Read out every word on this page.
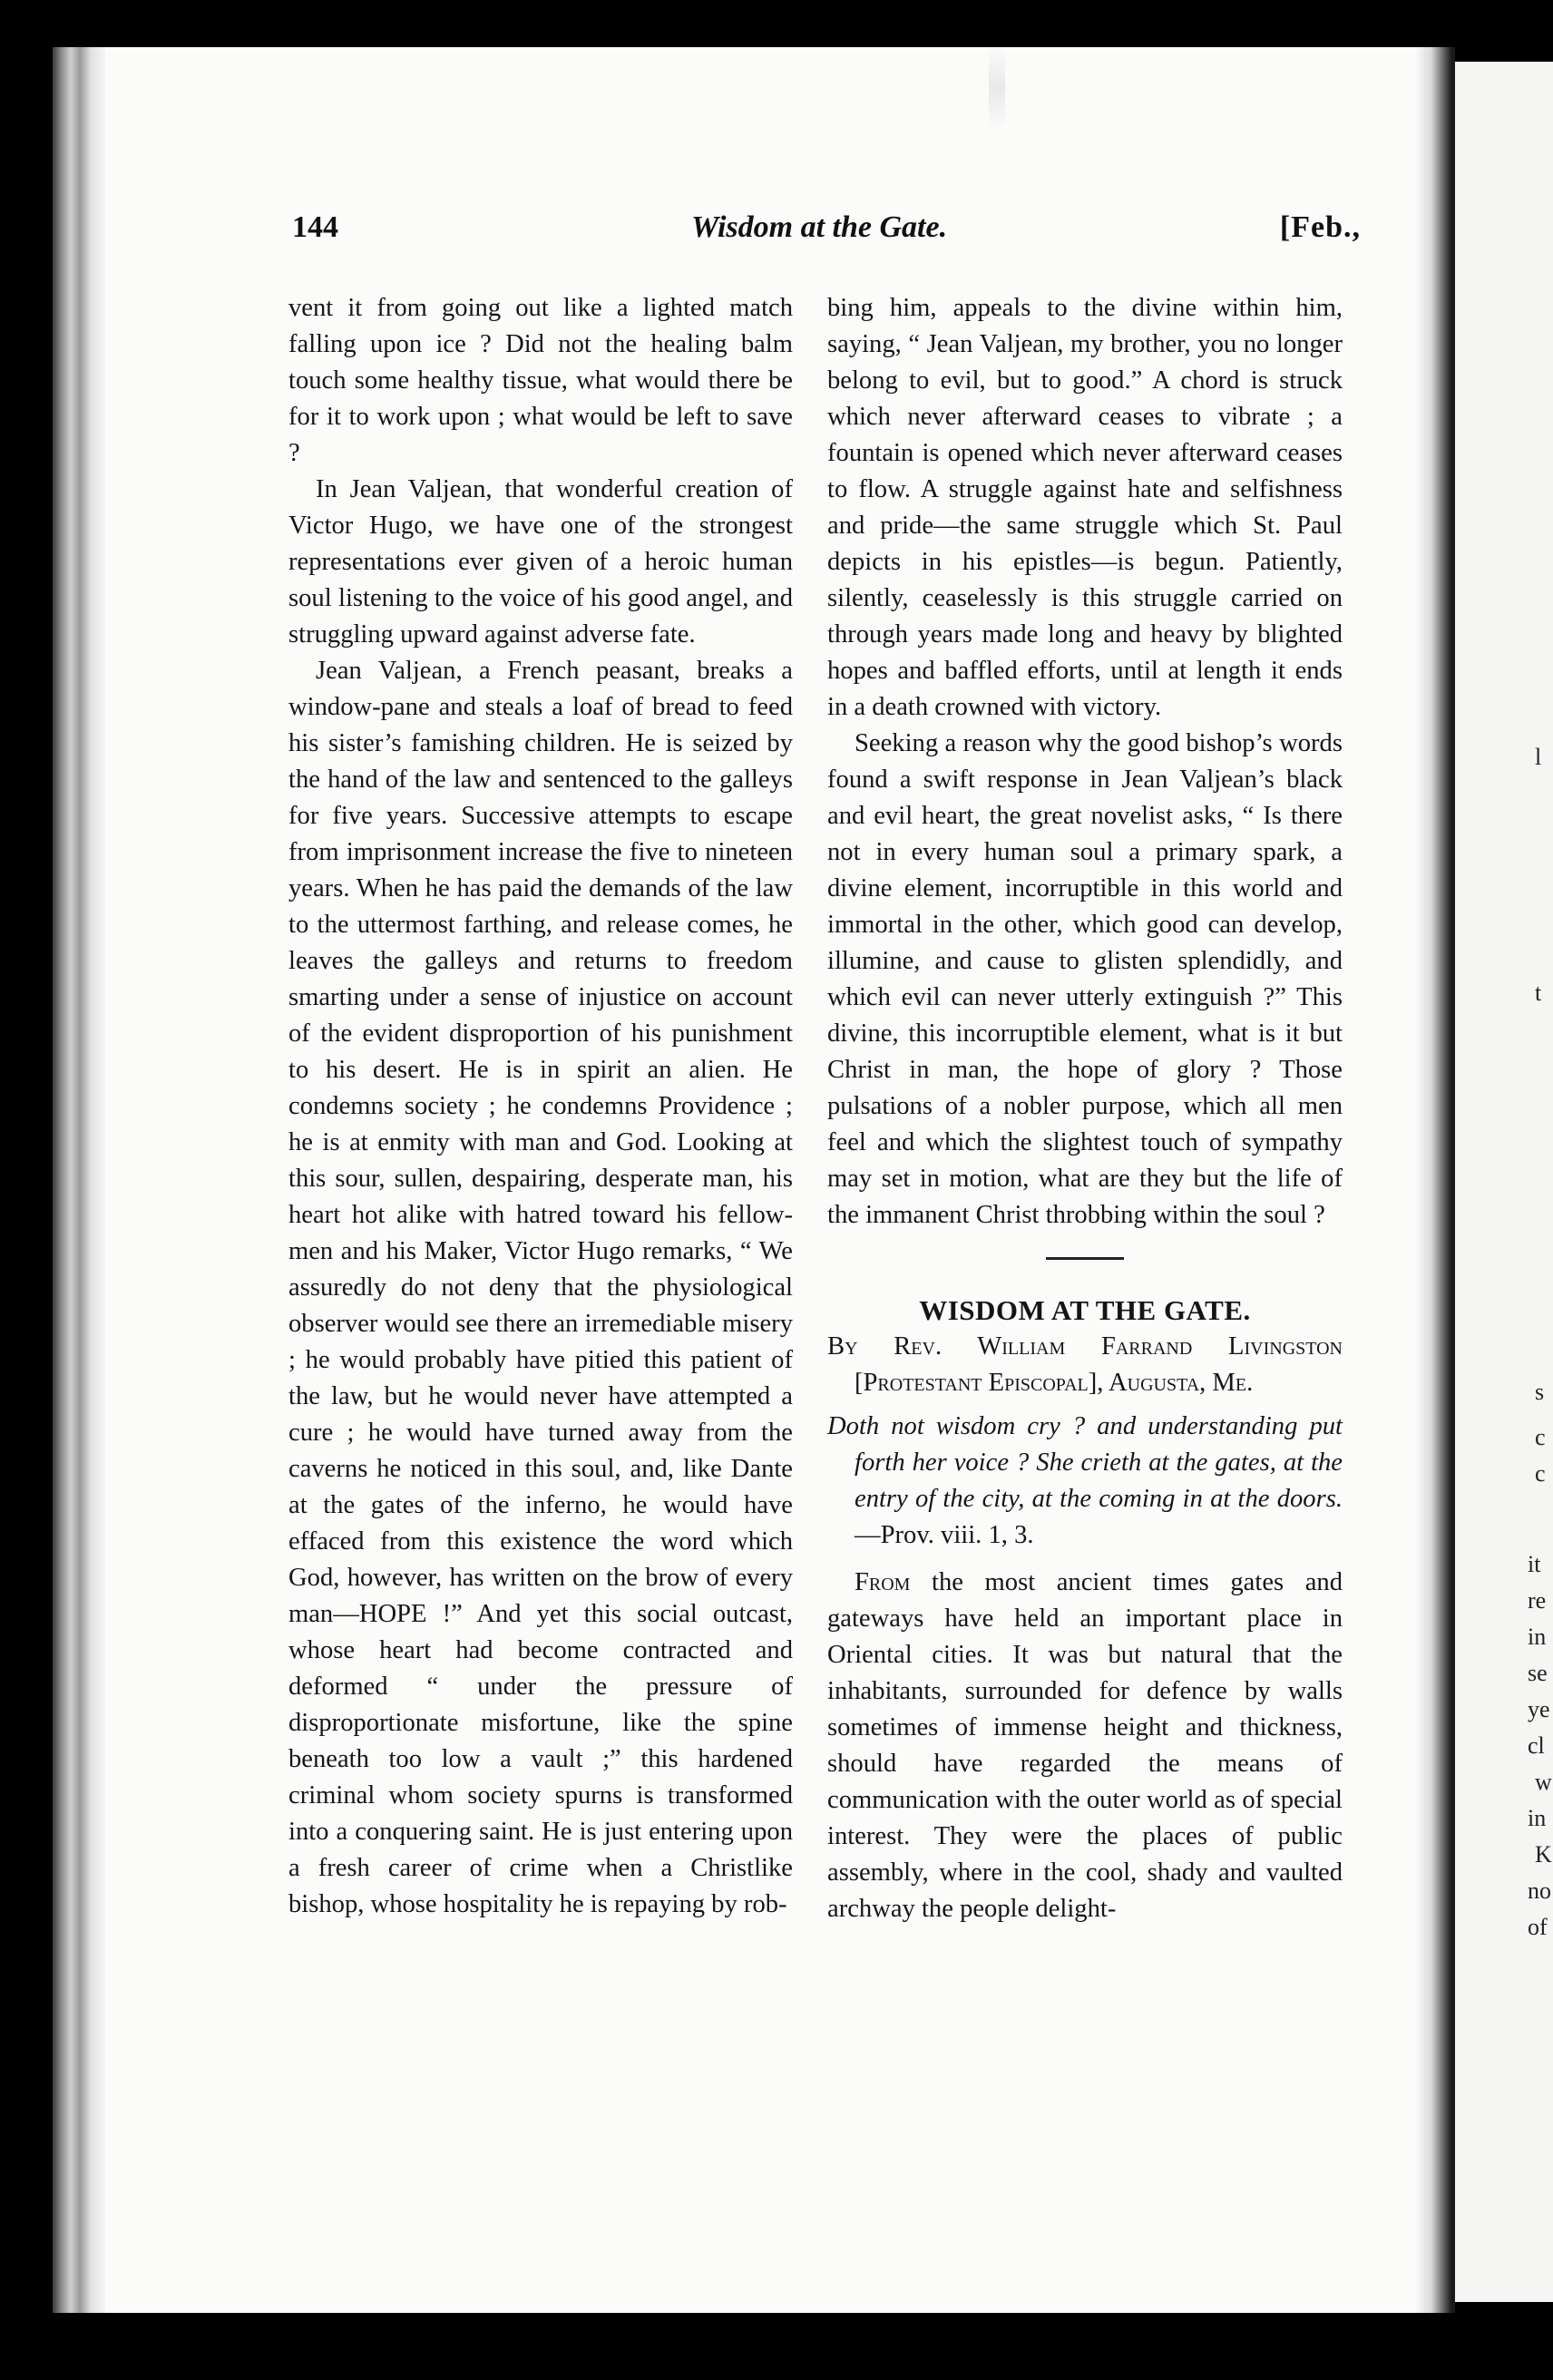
l
t
s
c
c
it
re
in
se
ye
cl
w
in
K
no
of
144	Wisdom at the Gate.	[Feb.,

vent it from going out like a lighted match falling upon ice ? Did not the healing balm touch some healthy tissue, what would there be for it to work upon ; what would be left to save ?

In Jean Valjean, that wonderful creation of Victor Hugo, we have one of the strongest representations ever given of a heroic human soul listening to the voice of his good angel, and struggling upward against adverse fate.

Jean Valjean, a French peasant, breaks a window-pane and steals a loaf of bread to feed his sister’s famishing children. He is seized by the hand of the law and sentenced to the galleys for five years. Successive attempts to escape from imprisonment increase the five to nineteen years. When he has paid the demands of the law to the uttermost farthing, and release comes, he leaves the galleys and returns to freedom smarting under a sense of injustice on account of the evident disproportion of his punishment to his desert. He is in spirit an alien. He condemns society ; he condemns Providence ; he is at enmity with man and God. Looking at this sour, sullen, despairing, desperate man, his heart hot alike with hatred toward his fellow-men and his Maker, Victor Hugo remarks, “ We assuredly do not deny that the physiological observer would see there an irremediable misery ; he would probably have pitied this patient of the law, but he would never have attempted a cure ; he would have turned away from the caverns he noticed in this soul, and, like Dante at the gates of the inferno, he would have effaced from this existence the word which God, however, has written on the brow of every man—HOPE !” And yet this social outcast, whose heart had become contracted and deformed “ under the pressure of disproportionate misfortune, like the spine beneath too low a vault ;” this hardened criminal whom society spurns is transformed into a conquering saint. He is just entering upon a fresh career of crime when a Christlike bishop, whose hospitality he is repaying by rob-

bing him, appeals to the divine within him, saying, “ Jean Valjean, my brother, you no longer belong to evil, but to good.” A chord is struck which never afterward ceases to vibrate ; a fountain is opened which never afterward ceases to flow. A struggle against hate and selfishness and pride—the same struggle which St. Paul depicts in his epistles—is begun. Patiently, silently, ceaselessly is this struggle carried on through years made long and heavy by blighted hopes and baffled efforts, until at length it ends in a death crowned with victory.

Seeking a reason why the good bishop’s words found a swift response in Jean Valjean’s black and evil heart, the great novelist asks, “ Is there not in every human soul a primary spark, a divine element, incorruptible in this world and immortal in the other, which good can develop, illumine, and cause to glisten splendidly, and which evil can never utterly extinguish ?” This divine, this incorruptible element, what is it but Christ in man, the hope of glory ? Those pulsations of a nobler purpose, which all men feel and which the slightest touch of sympathy may set in motion, what are they but the life of the immanent Christ throbbing within the soul ?

WISDOM AT THE GATE.

By Rev. William Farrand Livingston [Protestant Episcopal], Augusta, Me.

Doth not wisdom cry ? and understanding put forth her voice ? She crieth at the gates, at the entry of the city, at the coming in at the doors.—Prov. viii. 1, 3.

From the most ancient times gates and gateways have held an important place in Oriental cities. It was but natural that the inhabitants, surrounded for defence by walls sometimes of immense height and thickness, should have regarded the means of communication with the outer world as of special interest. They were the places of public assembly, where in the cool, shady and vaulted archway the people delight-
